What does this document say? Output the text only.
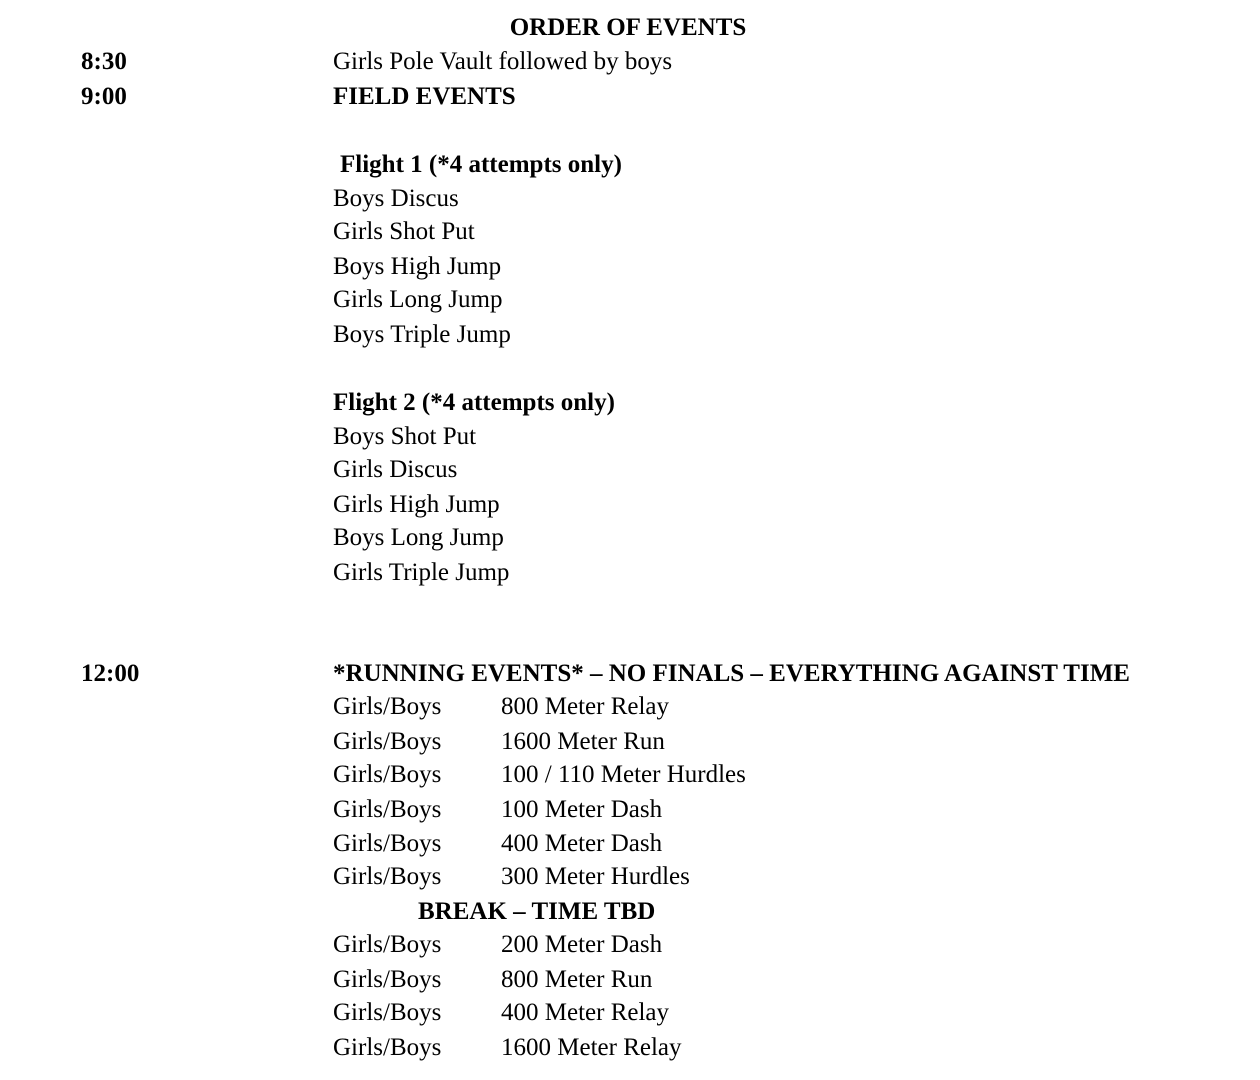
ORDER OF EVENTS
8:30	Girls Pole Vault followed by boys
9:00	FIELD EVENTS
Flight 1 (*4 attempts only)
Boys Discus
Girls Shot Put
Boys High Jump
Girls Long Jump
Boys Triple Jump
Flight 2 (*4 attempts only)
Boys Shot Put
Girls Discus
Girls High Jump
Boys Long Jump
Girls Triple Jump
12:00	*RUNNING EVENTS* – NO FINALS – EVERYTHING AGAINST TIME
Girls/Boys 800 Meter Relay
Girls/Boys 1600 Meter Run
Girls/Boys 100 / 110 Meter Hurdles
Girls/Boys 100 Meter Dash
Girls/Boys 400 Meter Dash
Girls/Boys 300 Meter Hurdles
BREAK – TIME TBD
Girls/Boys 200 Meter Dash
Girls/Boys 800 Meter Run
Girls/Boys 400 Meter Relay
Girls/Boys 1600 Meter Relay
